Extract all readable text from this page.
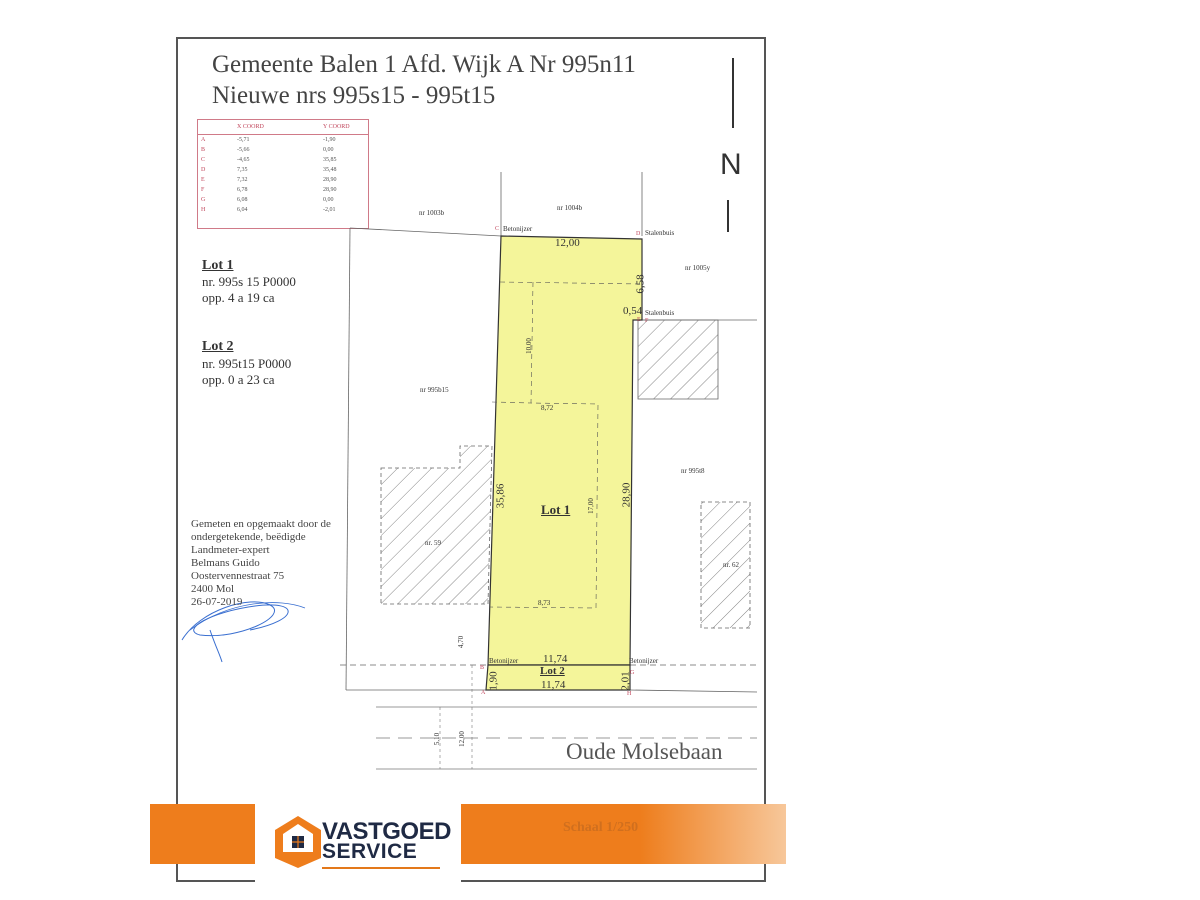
Gemeente Balen 1 Afd. Wijk A Nr 995n11
Nieuwe nrs 995s15 - 995t15
	X COORD	Y COORD
A	-5,71	-1,90
B	-5,66	0,00
C	-4,65	35,85
D	7,35	35,48
E	7,32	28,90
F	6,78	28,90
G	6,08	0,00
H	6,04	-2,01
Lot 1
nr. 995s 15 P0000
opp. 4 a 19 ca
Lot 2
nr. 995t15 P0000
opp. 0 a 23 ca
nr 1003b
nr 1004b
nr 1005y
nr 995b15
nr 995t8
nr. 59
nr. 62
Betonijzer	Stalenbuis
Stalenbuis
Betonijzer	Betonijzer
C
D
E F
B
G
A	H
12,00
6,58
0,54
35,86	28,90
11,74
11,74
1,90	2,01
10,00
8,72
17,00
8,73
4,70
5,10 12,00
Lot 1
Lot 2
N
Oude Molsebaan
Gemeten en opgemaakt door de
ondergetekende, beëdigde
Landmeter-expert
Belmans Guido
Oostervennestraat 75
2400 Mol
26-07-2019
Schaal 1/250
VASTGOED
SERVICE
